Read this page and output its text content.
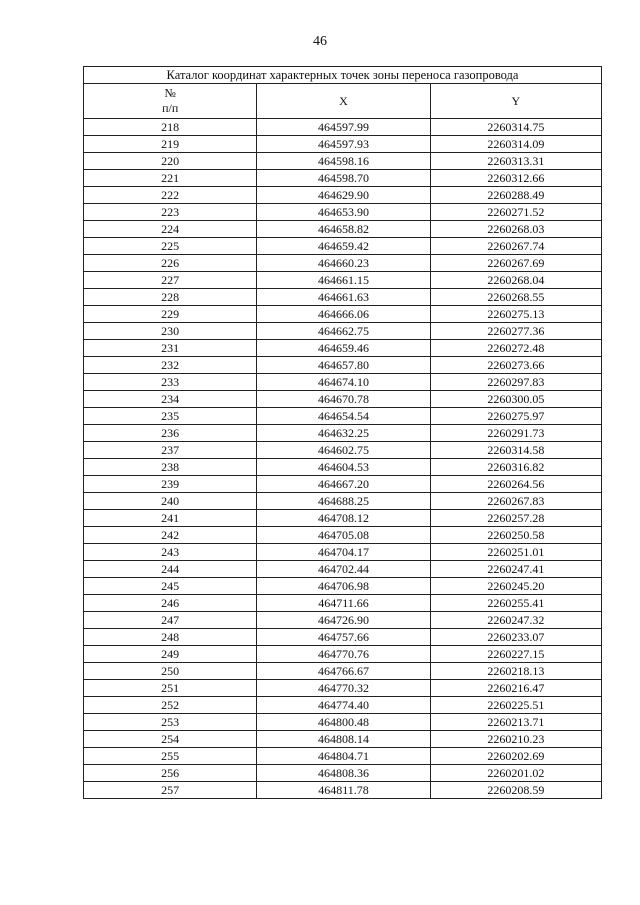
46
Каталог координат характерных точек зоны переноса газопровода		

№
п/п	X	Y
218	464597.99	2260314.75
219	464597.93	2260314.09
220	464598.16	2260313.31
221	464598.70	2260312.66
222	464629.90	2260288.49
223	464653.90	2260271.52
224	464658.82	2260268.03
225	464659.42	2260267.74
226	464660.23	2260267.69
227	464661.15	2260268.04
228	464661.63	2260268.55
229	464666.06	2260275.13
230	464662.75	2260277.36
231	464659.46	2260272.48
232	464657.80	2260273.66
233	464674.10	2260297.83
234	464670.78	2260300.05
235	464654.54	2260275.97
236	464632.25	2260291.73
237	464602.75	2260314.58
238	464604.53	2260316.82
239	464667.20	2260264.56
240	464688.25	2260267.83
241	464708.12	2260257.28
242	464705.08	2260250.58
243	464704.17	2260251.01
244	464702.44	2260247.41
245	464706.98	2260245.20
246	464711.66	2260255.41
247	464726.90	2260247.32
248	464757.66	2260233.07
249	464770.76	2260227.15
250	464766.67	2260218.13
251	464770.32	2260216.47
252	464774.40	2260225.51
253	464800.48	2260213.71
254	464808.14	2260210.23
255	464804.71	2260202.69
256	464808.36	2260201.02
257	464811.78	2260208.59
